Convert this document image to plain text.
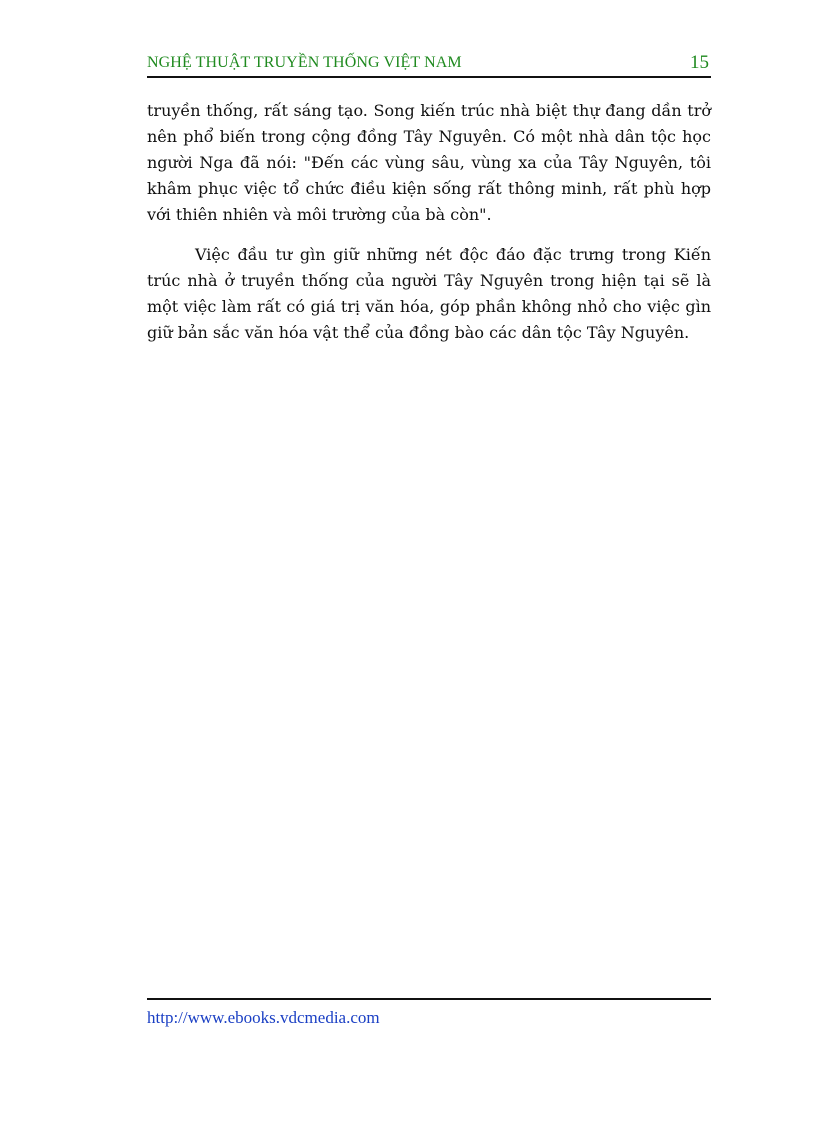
NGHỆ THUẬT TRUYỀN THỐNG VIỆT NAM	15

truyền thống, rất sáng tạo. Song kiến trúc nhà biệt thự đang dần trở nên phổ biến trong cộng đồng Tây Nguyên. Có một nhà dân tộc học người Nga đã nói: "Đến các vùng sâu, vùng xa của Tây Nguyên, tôi khâm phục việc tổ chức điều kiện sống rất thông minh, rất phù hợp với thiên nhiên và môi trường của bà còn".

Việc đầu tư gìn giữ những nét độc đáo đặc trưng trong Kiến trúc nhà ở truyền thống của người Tây Nguyên trong hiện tại sẽ là một việc làm rất có giá trị văn hóa, góp phần không nhỏ cho việc gìn giữ bản sắc văn hóa vật thể của đồng bào các dân tộc Tây Nguyên.

http://www.ebooks.vdcmedia.com
